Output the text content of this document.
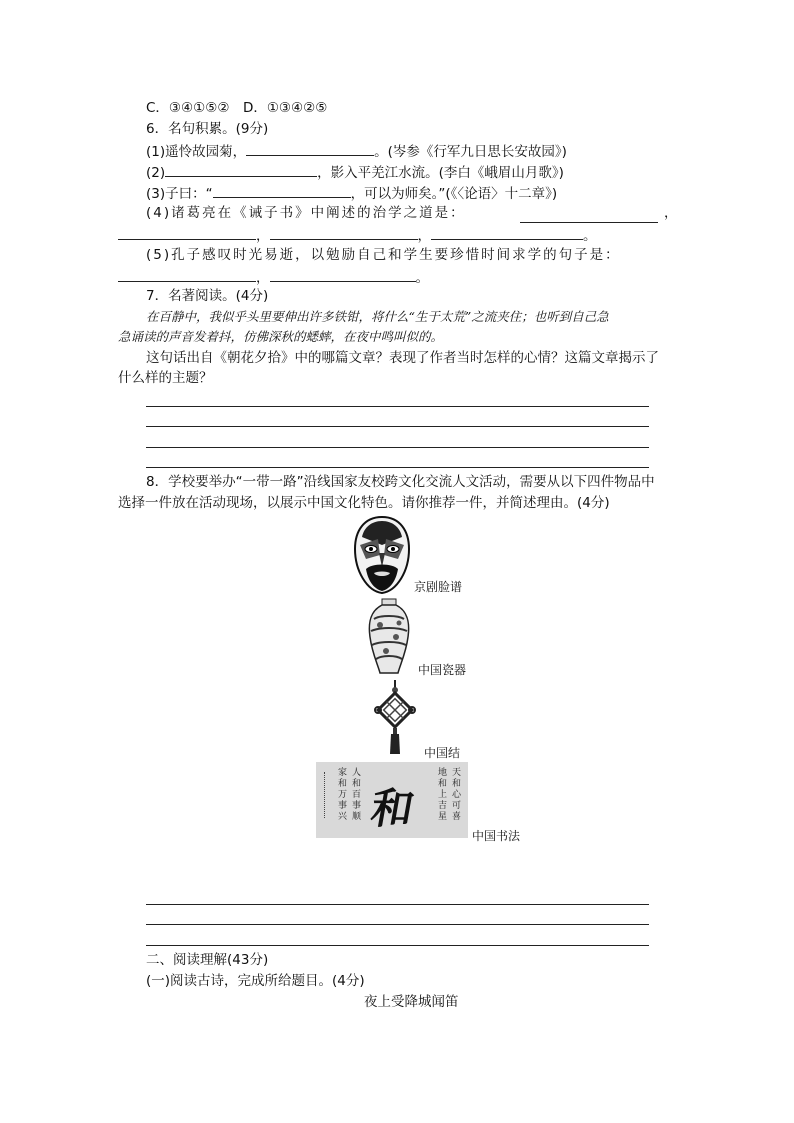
C．③④①⑤②　D．①③④②⑤
6．名句积累。(9分)
(1)遥怜故园菊，	。(岑参《行军九日思长安故园》)
(2)	，影入平羌江水流。(李白《峨眉山月歌》)
(3)子曰：“	，可以为师矣。”(《〈论语〉十二章》)
(4)诸葛亮在《诫子书》中阐述的治学之道是：	，
，	，	。
(5)孔子感叹时光易逝，以勉励自己和学生要珍惜时间求学的句子是：
，	。
7．名著阅读。(4分)
在百静中，我似乎头里要伸出许多铁钳，将什么“生于太荒”之流夹住；也听到自己急
急诵读的声音发着抖，仿佛深秋的蟋蟀，在夜中鸣叫似的。
这句话出自《朝花夕拾》中的哪篇文章？表现了作者当时怎样的心情？这篇文章揭示了
什么样的主题？
8．学校要举办“一带一路”沿线国家友校跨文化交流人文活动，需要从以下四件物品中
选择一件放在活动现场，以展示中国文化特色。请你推荐一件，并简述理由。(4分)
京剧脸谱
中国瓷器
中国结
家和万事兴
人和百事顺 和
地和上吉星
天和心可喜
中国书法
二、阅读理解(43分)
(一)阅读古诗，完成所给题目。(4分)
夜上受降城闻笛
